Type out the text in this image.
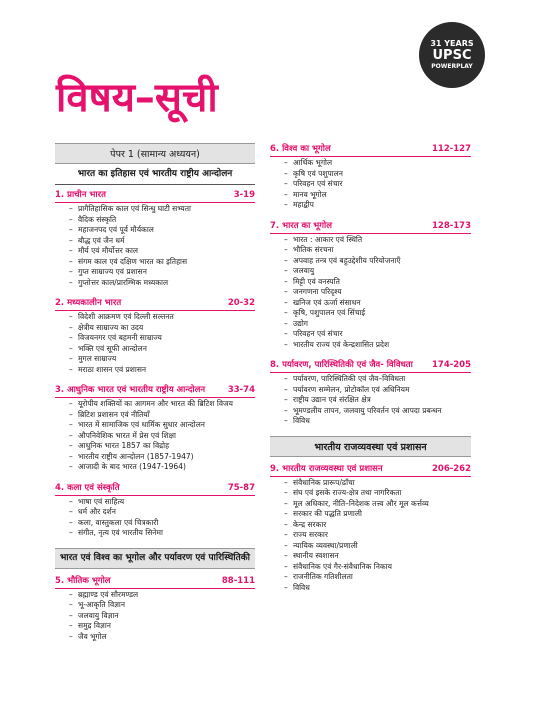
31 YEARS
UPSC
POWERPLAY
विषय–सूची
पेपर 1 (सामान्य अध्ययन)
भारत का इतिहास एवं भारतीय राष्ट्रीय आन्दोलन
1. प्राचीन भारत	3-19
– प्रागैतिहासिक काल एवं सिन्धु घाटी सभ्यता
– वैदिक संस्कृति
– महाजनपद एवं पूर्व मौर्यकाल
– बौद्ध एवं जैन धर्म
– मौर्य एवं मौर्योत्तर काल
– संगम काल एवं दक्षिण भारत का इतिहास
– गुप्त साम्राज्य एवं प्रशासन
– गुप्तोत्तर काल/प्रारम्भिक मध्यकाल
2. मध्यकालीन भारत	20-32
– विदेशी आक्रमण एवं दिल्ली सल्तनत
– क्षेत्रीय साम्राज्य का उदय
– विजयनगर एवं बहमनी साम्राज्य
– भक्ति एवं सूफी आन्दोलन
– मुगल साम्राज्य
– मराठा शासन एवं प्रशासन
3. आधुनिक भारत एवं भारतीय राष्ट्रीय आन्दोलन	33-74
– यूरोपीय शक्तियों का आगमन और भारत की ब्रिटिश विजय
– ब्रिटिश प्रशासन एवं नीतियाँ
– भारत में सामाजिक एवं धार्मिक सुधार आन्दोलन
– औपनिवेशिक भारत में प्रेस एवं शिक्षा
– आधुनिक भारत 1857 का विद्रोह
– भारतीय राष्ट्रीय आन्दोलन (1857-1947)
– आजादी के बाद भारत (1947-1964)
4. कला एवं संस्कृति	75-87
– भाषा एवं साहित्य
– धर्म और दर्शन
– कला, वास्तुकला एवं चित्रकारी
– संगीत, नृत्य एवं भारतीय सिनेमा
भारत एवं विश्व का भूगोल और पर्यावरण एवं पारिस्थितिकी
5. भौतिक भूगोल	88-111
– ब्रह्माण्ड एवं सौरमण्डल
– भू-आकृति विज्ञान
– जलवायु विज्ञान
– समुद्र विज्ञान
– जैव भूगोल
6. विश्व का भूगोल	112-127
– आर्थिक भूगोल
– कृषि एवं पशुपालन
– परिवहन एवं संचार
– मानव भूगोल
– महाद्वीप
7. भारत का भूगोल	128-173
– भारत : आकार एवं स्थिति
– भौतिक संरचना
– अपवाह तन्त्र एवं बहुउद्देशीय परियोजनाएँ
– जलवायु
– मिट्टी एवं वनस्पति
– जनगणना परिदृश्य
– खनिज एवं ऊर्जा संसाधन
– कृषि, पशुपालन एवं सिंचाई
– उद्योग
– परिवहन एवं संचार
– भारतीय राज्य एवं केन्द्रशासित प्रदेश
8. पर्यावरण, पारिस्थितिकी एवं जैव- विविधता	174-205
– पर्यावरण, पारिस्थितिकी एवं जैव–विविधता
– पर्यावरण सम्मेलन, प्रोटोकॉल एवं अधिनियम
– राष्ट्रीय उद्यान एवं संरक्षित क्षेत्र
– भूमण्डलीय तापन, जलवायु परिवर्तन एवं आपदा प्रबन्धन
– विविध
भारतीय राजव्यवस्था एवं प्रशासन
9. भारतीय राजव्यवस्था एवं प्रशासन	206-262
– संवैधानिक प्रारूप/ढाँचा
– संघ एवं इसके राज्य-क्षेत्र तथा नागरिकता
– मूल अधिकार, नीति–निदेशक तत्त्व और मूल कर्त्तव्य
– सरकार की पद्धति प्रणाली
– केन्द्र सरकार
– राज्य सरकार
– न्यायिक व्यवस्था/प्रणाली
– स्थानीय स्वशासन
– संवैधानिक एवं गैर-संवैधानिक निकाय
– राजनीतिक गतिशीलता
– विविध
